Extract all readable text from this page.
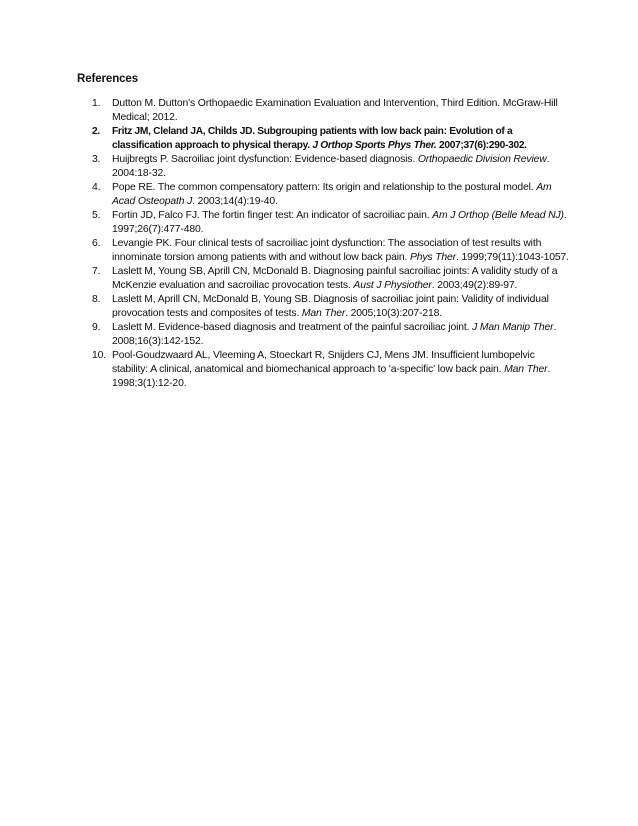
References
1. Dutton M. Dutton's Orthopaedic Examination Evaluation and Intervention, Third Edition. McGraw-Hill Medical; 2012.
2. Fritz JM, Cleland JA, Childs JD. Subgrouping patients with low back pain: Evolution of a classification approach to physical therapy. J Orthop Sports Phys Ther. 2007;37(6):290-302.
3. Huijbregts P. Sacroiliac joint dysfunction: Evidence-based diagnosis. Orthopaedic Division Review. 2004:18-32.
4. Pope RE. The common compensatory pattern: Its origin and relationship to the postural model. Am Acad Osteopath J. 2003;14(4):19-40.
5. Fortin JD, Falco FJ. The fortin finger test: An indicator of sacroiliac pain. Am J Orthop (Belle Mead NJ). 1997;26(7):477-480.
6. Levangie PK. Four clinical tests of sacroiliac joint dysfunction: The association of test results with innominate torsion among patients with and without low back pain. Phys Ther. 1999;79(11):1043-1057.
7. Laslett M, Young SB, Aprill CN, McDonald B. Diagnosing painful sacroiliac joints: A validity study of a McKenzie evaluation and sacroiliac provocation tests. Aust J Physiother. 2003;49(2):89-97.
8. Laslett M, Aprill CN, McDonald B, Young SB. Diagnosis of sacroiliac joint pain: Validity of individual provocation tests and composites of tests. Man Ther. 2005;10(3):207-218.
9. Laslett M. Evidence-based diagnosis and treatment of the painful sacroiliac joint. J Man Manip Ther. 2008;16(3):142-152.
10. Pool-Goudzwaard AL, Vleeming A, Stoeckart R, Snijders CJ, Mens JM. Insufficient lumbopelvic stability: A clinical, anatomical and biomechanical approach to 'a-specific' low back pain. Man Ther. 1998;3(1):12-20.
